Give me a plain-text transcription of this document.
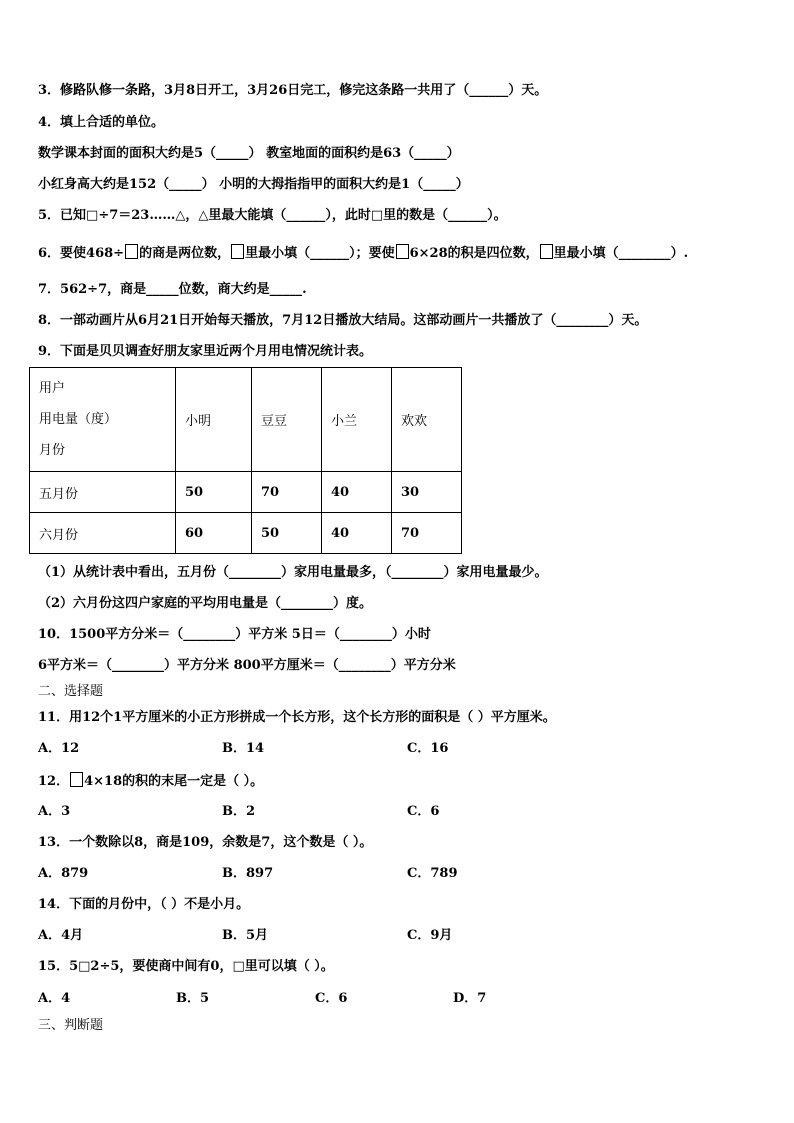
3．修路队修一条路，3月8日开工，3月26日完工，修完这条路一共用了（______）天。
4．填上合适的单位。
数学课本封面的面积大约是5（_____） 教室地面的面积约是63（_____）
小红身高大约是152（_____） 小明的大拇指指甲的面积大约是1（_____）
5．已知□÷7＝23……△，△里最大能填（______），此时□里的数是（______）。
6．要使468÷ 的商是两位数， 里最小填（______）；要使 6×28的积是四位数， 里最小填（________）.
7．562÷7，商是_____位数，商大约是_____.
8．一部动画片从6月21日开始每天播放，7月12日播放大结局。这部动画片一共播放了（________）天。
9．下面是贝贝调查好朋友家里近两个月用电情况统计表。
用户
用电量（度）
月份	小明	豆豆	小兰	欢欢
五月份	50	70	40	30
六月份	60	50	40	70
（1）从统计表中看出，五月份（________）家用电量最多，（________）家用电量最少。
（2）六月份这四户家庭的平均用电量是（________）度。
10．1500平方分米＝（________）平方米 5日＝（________）小时
6平方米＝（________）平方分米 800平方厘米＝（________）平方分米
二、选择题
11．用12个1平方厘米的小正方形拼成一个长方形，这个长方形的面积是（ ）平方厘米。
A．12	B．14	C．16
12． 4×18的积的末尾一定是（ ）。
A．3	B．2	C．6
13．一个数除以8，商是109，余数是7，这个数是（ ）。
A．879	B．897	C．789
14．下面的月份中，（ ）不是小月。
A．4月	B．5月	C．9月
15．5□2÷5，要使商中间有0，□里可以填（ ）。
A．4	B．5	C．6	D．7
三、判断题
